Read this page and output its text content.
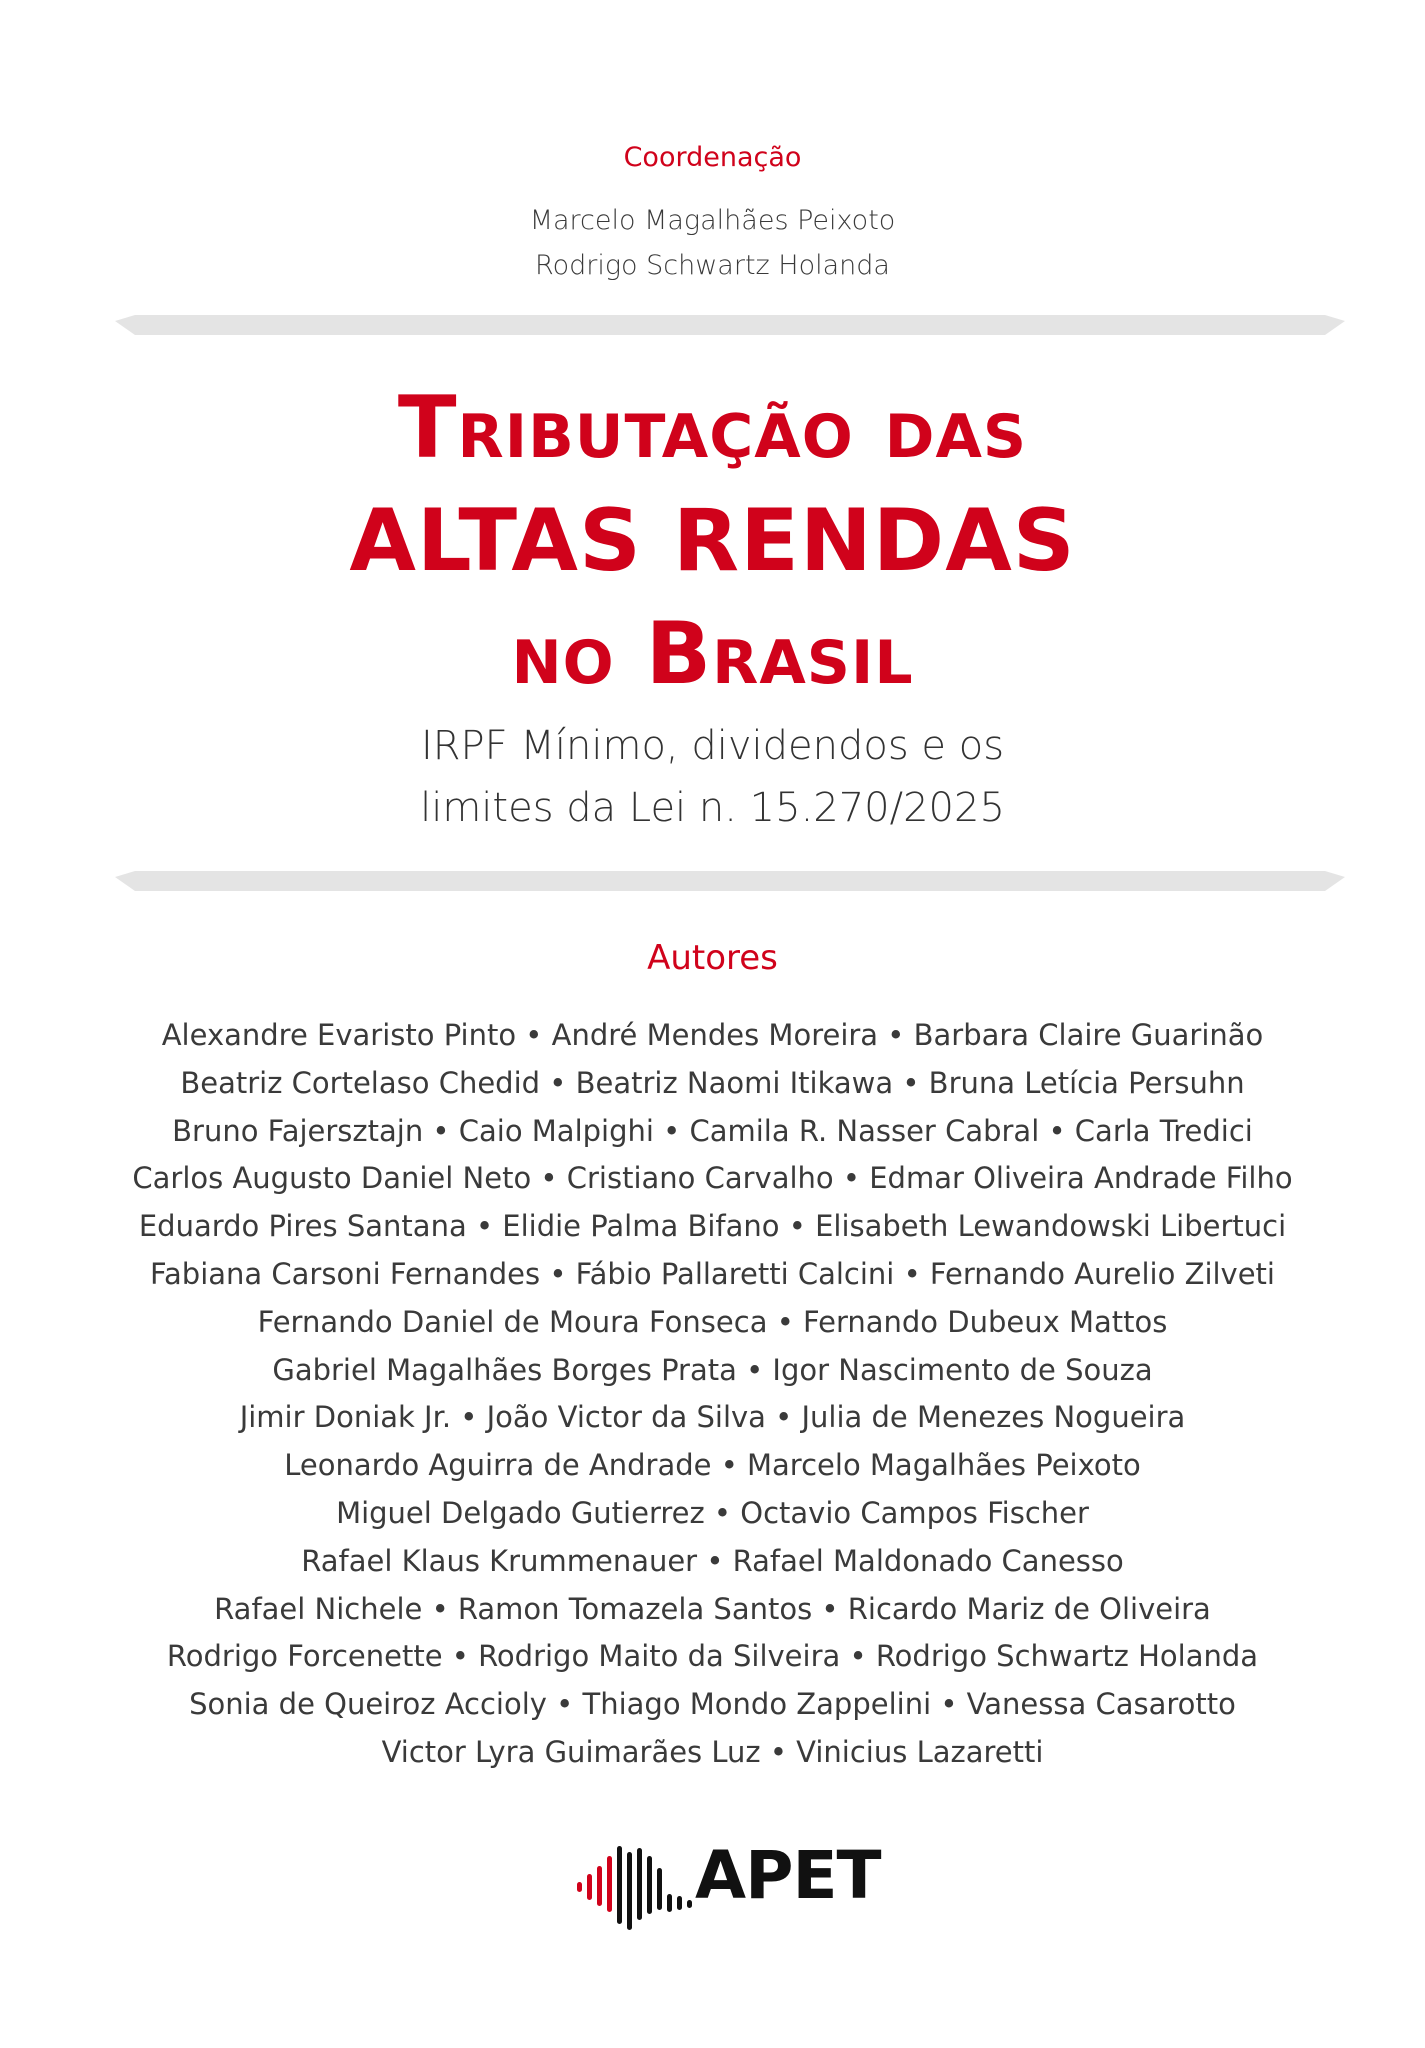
Coordenação
Marcelo Magalhães Peixoto
Rodrigo Schwartz Holanda
Tributação das
ALTAS RENDAS
no Brasil
IRPF Mínimo, dividendos e os
limites da Lei n. 15.270/2025
Autores
Alexandre Evaristo Pinto • André Mendes Moreira • Barbara Claire Guarinão
Beatriz Cortelaso Chedid • Beatriz Naomi Itikawa • Bruna Letícia Persuhn
Bruno Fajersztajn • Caio Malpighi • Camila R. Nasser Cabral • Carla Tredici
Carlos Augusto Daniel Neto • Cristiano Carvalho • Edmar Oliveira Andrade Filho
Eduardo Pires Santana • Elidie Palma Bifano • Elisabeth Lewandowski Libertuci
Fabiana Carsoni Fernandes • Fábio Pallaretti Calcini • Fernando Aurelio Zilveti
Fernando Daniel de Moura Fonseca • Fernando Dubeux Mattos
Gabriel Magalhães Borges Prata • Igor Nascimento de Souza
Jimir Doniak Jr. • João Victor da Silva • Julia de Menezes Nogueira
Leonardo Aguirra de Andrade • Marcelo Magalhães Peixoto
Miguel Delgado Gutierrez • Octavio Campos Fischer
Rafael Klaus Krummenauer • Rafael Maldonado Canesso
Rafael Nichele • Ramon Tomazela Santos • Ricardo Mariz de Oliveira
Rodrigo Forcenette • Rodrigo Maito da Silveira • Rodrigo Schwartz Holanda
Sonia de Queiroz Accioly • Thiago Mondo Zappelini • Vanessa Casarotto
Victor Lyra Guimarães Luz • Vinicius Lazaretti
APET
